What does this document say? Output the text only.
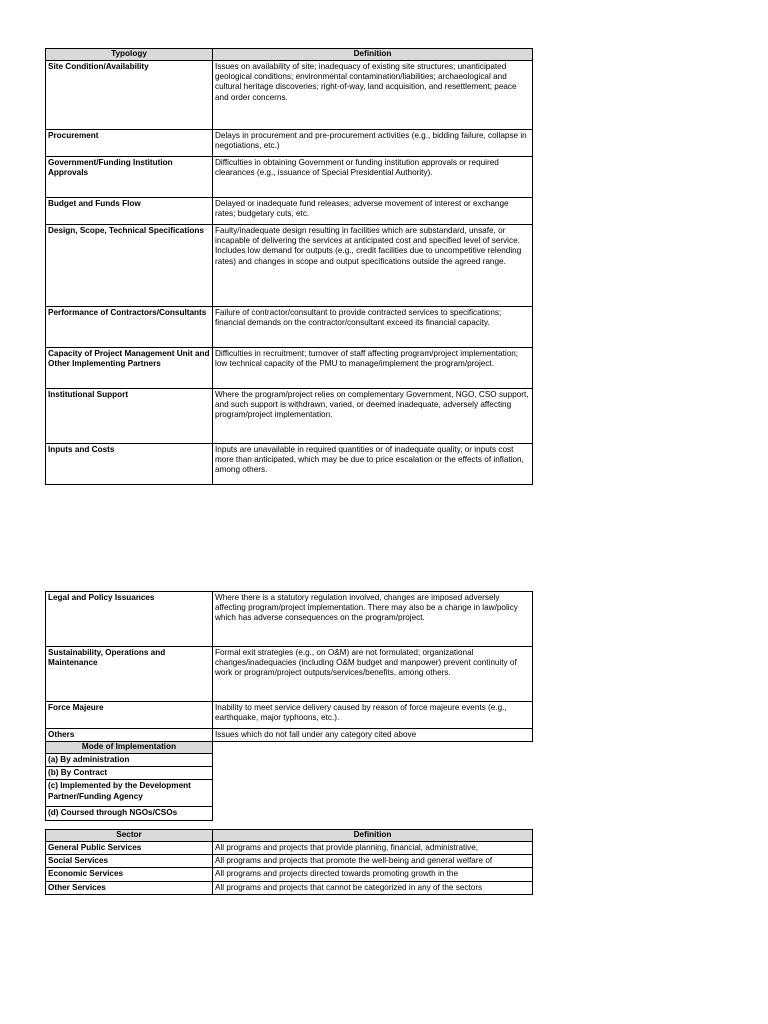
Typology	Definition
Site Condition/Availability	Issues on availability of site; inadequacy of existing site structures; unanticipated geological conditions; environmental contamination/liabilities; archaeological and cultural heritage discoveries; right-of-way, land acquisition, and resettlement; peace and order concerns.
Procurement	Delays in procurement and pre-procurement activities (e.g., bidding failure, collapse in negotiations, etc.)
Government/Funding Institution Approvals	Difficulties in obtaining Government or funding institution approvals or required clearances (e.g., issuance of Special Presidential Authority).
Budget and Funds Flow	Delayed or inadequate fund releases; adverse movement of interest or exchange rates; budgetary cuts, etc.
Design, Scope, Technical Specifications	Faulty/inadequate design resulting in facilities which are substandard, unsafe, or incapable of delivering the services at anticipated cost and specified level of service. Includes low demand for outputs (e.g., credit facilities due to uncompetitive relending rates) and changes in scope and output specifications outside the agreed range.
Performance of Contractors/Consultants	Failure of contractor/consultant to provide contracted services to specifications; financial demands on the contractor/consultant exceed its financial capacity.
Capacity of Project Management Unit and Other Implementing Partners	Difficulties in recruitment; turnover of staff affecting program/project implementation; low technical capacity of the PMU to manage/implement the program/project.
Institutional Support	Where the program/project relies on complementary Government, NGO, CSO support, and such support is withdrawn, varied, or deemed inadequate, adversely affecting program/project implementation.
Inputs and Costs	Inputs are unavailable in required quantities or of inadequate quality, or inputs cost more than anticipated, which may be due to price escalation or the effects of inflation, among others.
Legal and Policy Issuances	Where there is a statutory regulation involved, changes are imposed adversely affecting program/project implementation. There may also be a change in law/policy which has adverse consequences on the program/project.
Sustainability, Operations and Maintenance	Formal exit strategies (e.g., on O&M) are not formulated; organizational changes/inadequacies (including O&M budget and manpower) prevent continuity of work or program/project outputs/services/benefits, among others.
Force Majeure	Inability to meet service delivery caused by reason of force majeure events (e.g., earthquake, major typhoons, etc.).
Others	Issues which do not fall under any category cited above
Mode of Implementation
(a) By administration
(b) By Contract
(c) Implemented by the Development Partner/Funding Agency
(d) Coursed through NGOs/CSOs
Sector	Definition
General Public Services	All programs and projects that provide planning, financial, administrative,
Social Services	All programs and projects that promote the well-being and general welfare of
Economic Services	All programs and projects directed towards promoting growth in the
Other Services	All programs and projects that cannot be categorized in any of the sectors
